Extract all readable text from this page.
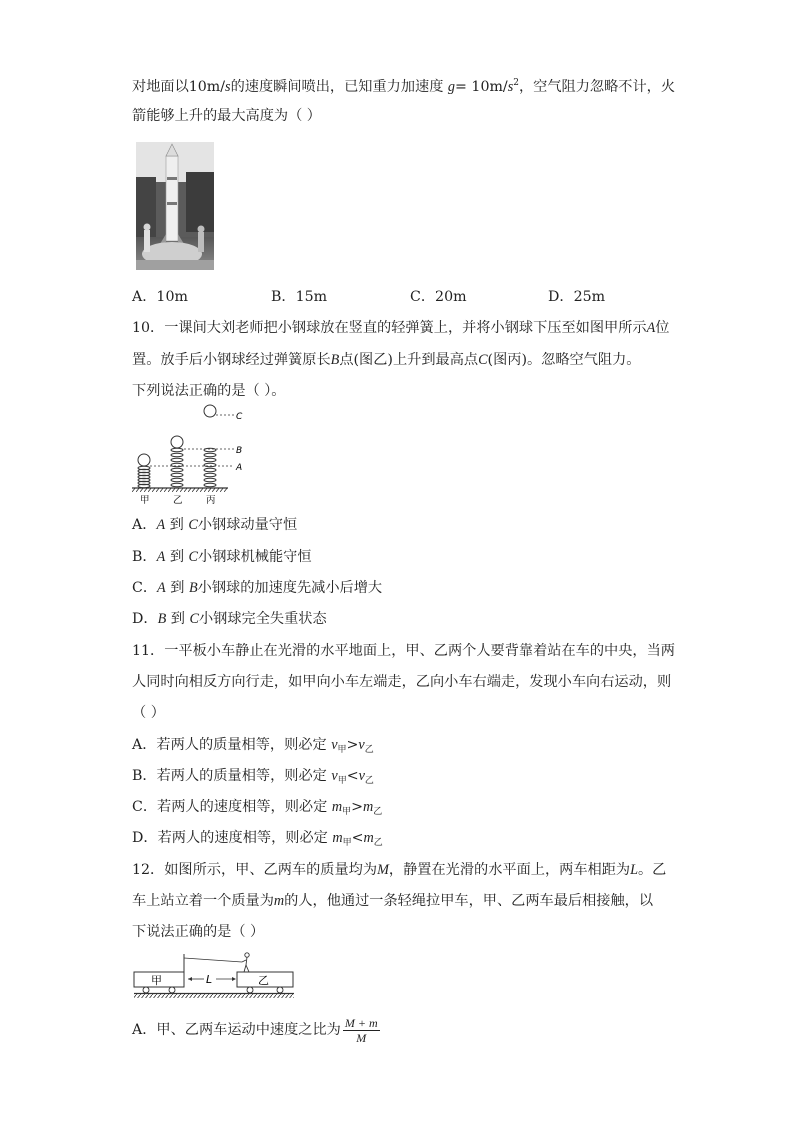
对地面以10m/s的速度瞬间喷出，已知重力加速度 $g= 10m/s^2$，空气阻力忽略不计，火
箭能够上升的最大高度为（ ）
A．10m	B．15m	C．20m	D．25m
10．一课间大刘老师把小钢球放在竖直的轻弹簧上，并将小钢球下压至如图甲所示A位
置。放手后小钢球经过弹簧原长B点(图乙)上升到最高点C(图丙)。忽略空气阻力。
下列说法正确的是（ ）。
C
B
A
甲 乙 丙
A．A 到 C小钢球动量守恒
B．A 到 C小钢球机械能守恒
C．A 到 B小钢球的加速度先减小后增大
D．B 到 C小钢球完全失重状态
11．一平板小车静止在光滑的水平地面上，甲、乙两个人要背靠着站在车的中央，当两
人同时向相反方向行走，如甲向小车左端走，乙向小车右端走，发现小车向右运动，则
（ ）
A．若两人的质量相等，则必定 $v_甲>v_乙$
B．若两人的质量相等，则必定 $v_甲<v_乙$
C．若两人的速度相等，则必定 $m_甲>m_乙$
D．若两人的速度相等，则必定 $m_甲<m_乙$
12．如图所示，甲、乙两车的质量均为M，静置在光滑的水平面上，两车相距为L。乙
车上站立着一个质量为m的人，他通过一条轻绳拉甲车，甲、乙两车最后相接触，以
下说法正确的是（ ）
甲	L	乙
A．甲、乙两车运动中速度之比为 $\frac{M + m}{M}$
